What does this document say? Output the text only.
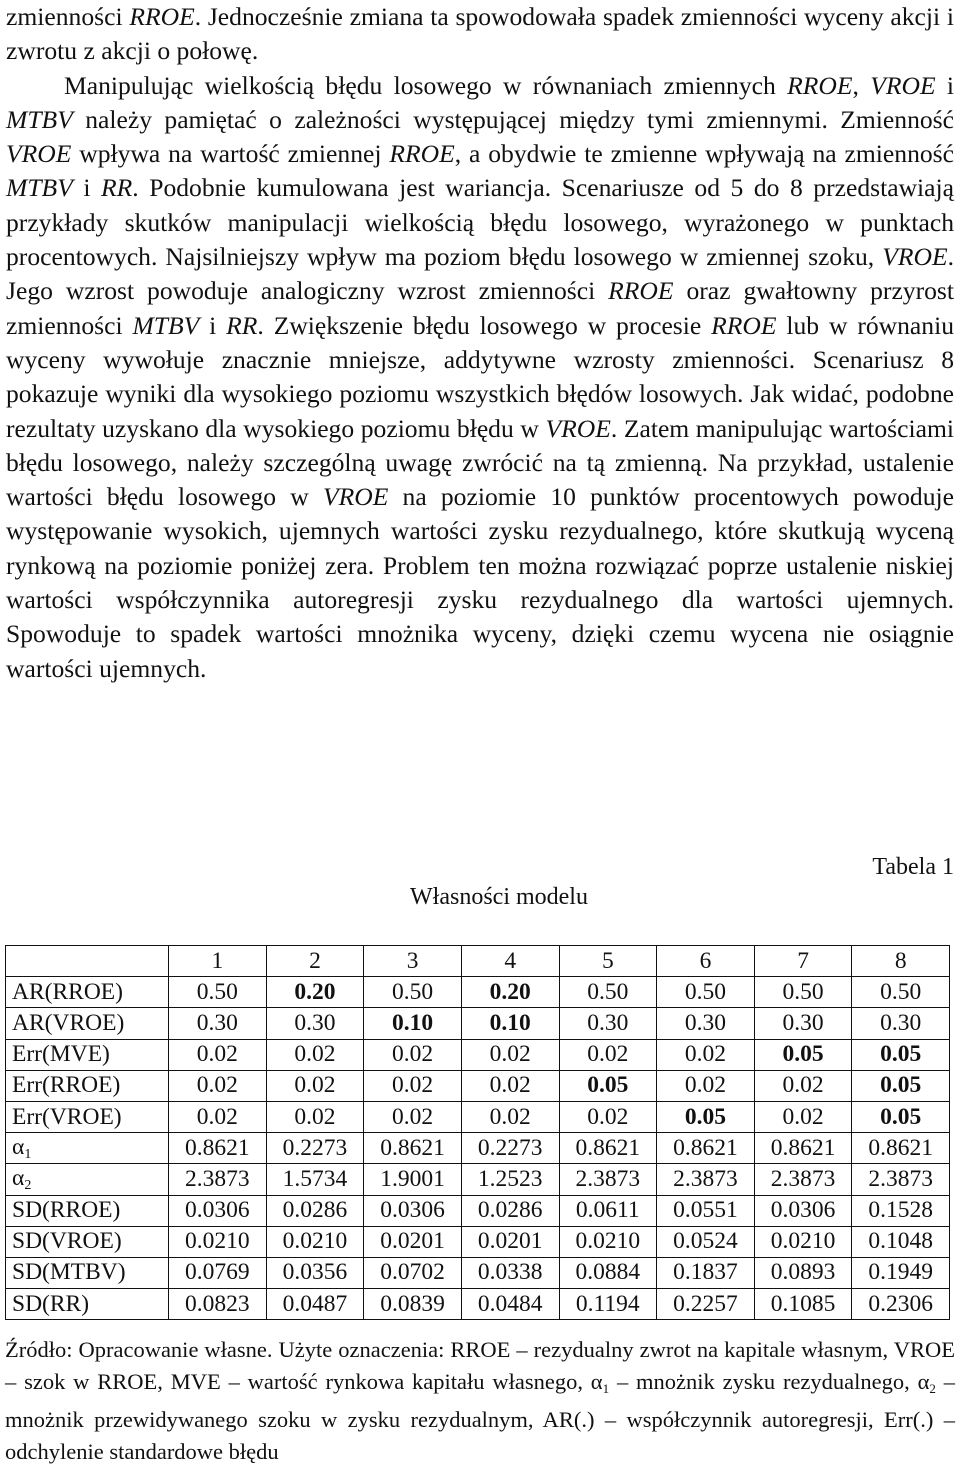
zmienności RROE. Jednocześnie zmiana ta spowodowała spadek zmienności wyceny akcji i zwrotu z akcji o połowę.

Manipulując wielkością błędu losowego w równaniach zmiennych RROE, VROE i MTBV należy pamiętać o zależności występującej między tymi zmiennymi. Zmienność VROE wpływa na wartość zmiennej RROE, a obydwie te zmienne wpływają na zmienność MTBV i RR. Podobnie kumulowana jest wariancja. Scenariusze od 5 do 8 przedstawiają przykłady skutków manipulacji wielkością błędu losowego, wyrażonego w punktach procentowych. Najsilniejszy wpływ ma poziom błędu losowego w zmiennej szoku, VROE. Jego wzrost powoduje analogiczny wzrost zmienności RROE oraz gwałtowny przyrost zmienności MTBV i RR. Zwiększenie błędu losowego w procesie RROE lub w równaniu wyceny wywołuje znacznie mniejsze, addytywne wzrosty zmienności. Scenariusz 8 pokazuje wyniki dla wysokiego poziomu wszystkich błędów losowych. Jak widać, podobne rezultaty uzyskano dla wysokiego poziomu błędu w VROE. Zatem manipulując wartościami błędu losowego, należy szczególną uwagę zwrócić na tą zmienną. Na przykład, ustalenie wartości błędu losowego w VROE na poziomie 10 punktów procentowych powoduje występowanie wysokich, ujemnych wartości zysku rezydualnego, które skutkują wyceną rynkową na poziomie poniżej zera. Problem ten można rozwiązać poprze ustalenie niskiej wartości współczynnika autoregresji zysku rezydualnego dla wartości ujemnych. Spowoduje to spadek wartości mnożnika wyceny, dzięki czemu wycena nie osiągnie wartości ujemnych.

Tabela 1
Własności modelu
	1	2	3	4	5	6	7	8
AR(RROE)	0.50	0.20	0.50	0.20	0.50	0.50	0.50	0.50
AR(VROE)	0.30	0.30	0.10	0.10	0.30	0.30	0.30	0.30
Err(MVE)	0.02	0.02	0.02	0.02	0.02	0.02	0.05	0.05
Err(RROE)	0.02	0.02	0.02	0.02	0.05	0.02	0.02	0.05
Err(VROE)	0.02	0.02	0.02	0.02	0.02	0.05	0.02	0.05
$\alpha_1$	0.8621	0.2273	0.8621	0.2273	0.8621	0.8621	0.8621	0.8621
$\alpha_2$	2.3873	1.5734	1.9001	1.2523	2.3873	2.3873	2.3873	2.3873
SD(RROE)	0.0306	0.0286	0.0306	0.0286	0.0611	0.0551	0.0306	0.1528
SD(VROE)	0.0210	0.0210	0.0201	0.0201	0.0210	0.0524	0.0210	0.1048
SD(MTBV)	0.0769	0.0356	0.0702	0.0338	0.0884	0.1837	0.0893	0.1949
SD(RR)	0.0823	0.0487	0.0839	0.0484	0.1194	0.2257	0.1085	0.2306
Źródło: Opracowanie własne. Użyte oznaczenia: RROE – rezydualny zwrot na kapitale własnym, VROE – szok w RROE, MVE – wartość rynkowa kapitału własnego, $\alpha_1$ – mnożnik zysku rezydualnego, $\alpha_2$ – mnożnik przewidywanego szoku w zysku rezydualnym, AR(.) – współczynnik autoregresji, Err(.) – odchylenie standardowe błędu
